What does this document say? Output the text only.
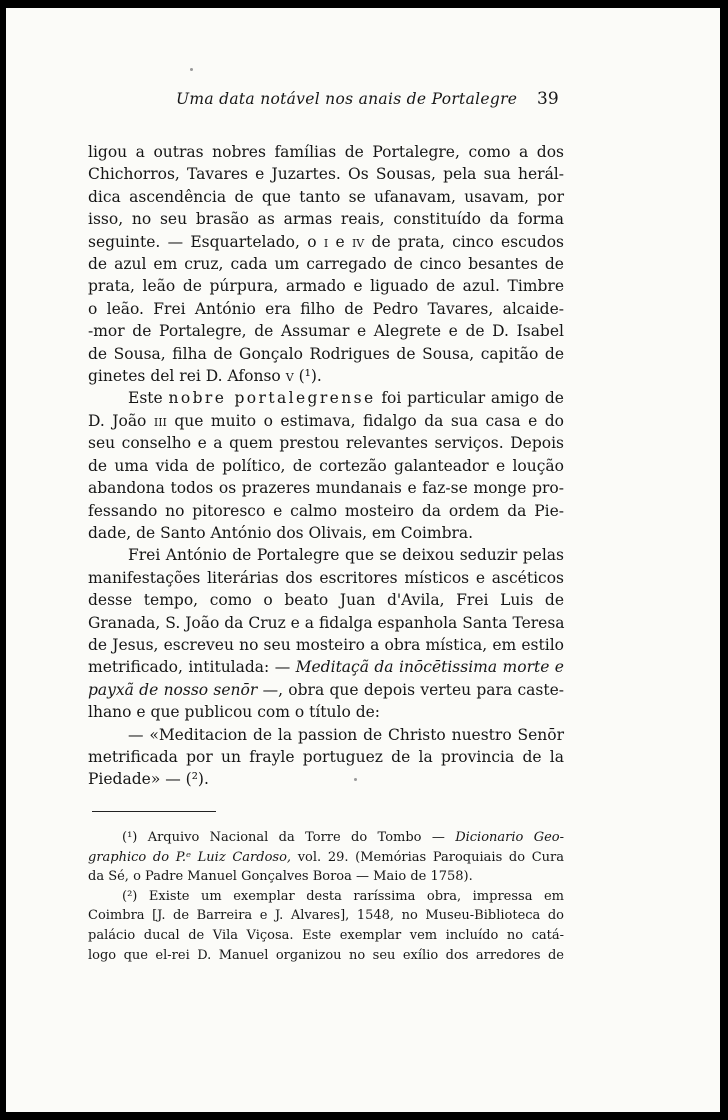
Uma data notável nos anais de Portalegre 39
ligou a outras nobres famílias de Portalegre, como a dos
Chichorros, Tavares e Juzartes. Os Sousas, pela sua herál-
dica ascendência de que tanto se ufanavam, usavam, por
isso, no seu brasão as armas reais, constituído da forma
seguinte. — Esquartelado, o i e iv de prata, cinco escudos
de azul em cruz, cada um carregado de cinco besantes de
prata, leão de púrpura, armado e liguado de azul. Timbre
o leão. Frei António era filho de Pedro Tavares, alcaide-
-mor de Portalegre, de Assumar e Alegrete e de D. Isabel
de Sousa, filha de Gonçalo Rodrigues de Sousa, capitão de
ginetes del rei D. Afonso v (¹).
Este nobre portalegrense foi particular amigo de
D. João iii que muito o estimava, fidalgo da sua casa e do
seu conselho e a quem prestou relevantes serviços. Depois
de uma vida de político, de cortezão galanteador e loução
abandona todos os prazeres mundanais e faz-se monge pro-
fessando no pitoresco e calmo mosteiro da ordem da Pie-
dade, de Santo António dos Olivais, em Coimbra.
Frei António de Portalegre que se deixou seduzir pelas
manifestações literárias dos escritores místicos e ascéticos
desse tempo, como o beato Juan d'Avila, Frei Luis de
Granada, S. João da Cruz e a fidalga espanhola Santa Teresa
de Jesus, escreveu no seu mosteiro a obra mística, em estilo
metrificado, intitulada: — Meditaçã da inōcētissima morte e
payxã de nosso senōr —, obra que depois verteu para caste-
lhano e que publicou com o título de:
— «Meditacion de la passion de Christo nuestro Senōr
metrificada por un frayle portuguez de la provincia de la
Piedade» — (²).
(¹) Arquivo Nacional da Torre do Tombo — Dicionario Geo-
graphico do P.ᵉ Luiz Cardoso, vol. 29. (Memórias Paroquiais do Cura
da Sé, o Padre Manuel Gonçalves Boroa — Maio de 1758).
(²) Existe um exemplar desta raríssima obra, impressa em
Coimbra [J. de Barreira e J. Alvares], 1548, no Museu-Biblioteca do
palácio ducal de Vila Viçosa. Este exemplar vem incluído no catá-
logo que el-rei D. Manuel organizou no seu exílio dos arredores de
